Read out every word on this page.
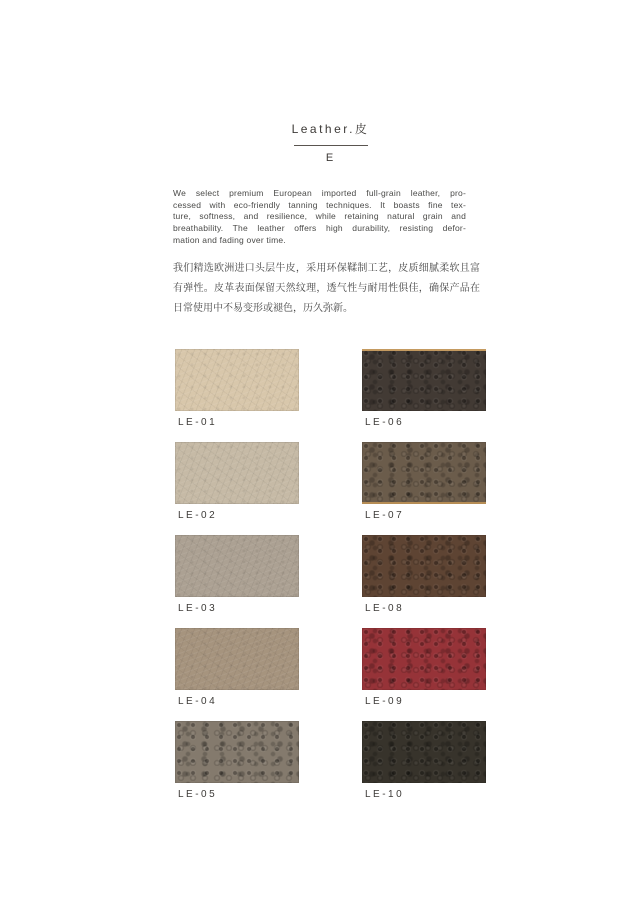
Leather.皮
E
We select premium European imported full-grain leather, pro-
cessed with eco-friendly tanning techniques. It boasts fine tex-
ture, softness, and resilience, while retaining natural grain and
breathability. The leather offers high durability, resisting defor-
mation and fading over time.
我们精选欧洲进口头层牛皮，采用环保鞣制工艺，皮质细腻柔软且富
有弹性。皮革表面保留天然纹理，透气性与耐用性俱佳，确保产品在
日常使用中不易变形或褪色，历久弥新。
LE-01
LE-02
LE-03
LE-04
LE-05
LE-06
LE-07
LE-08
LE-09
LE-10
